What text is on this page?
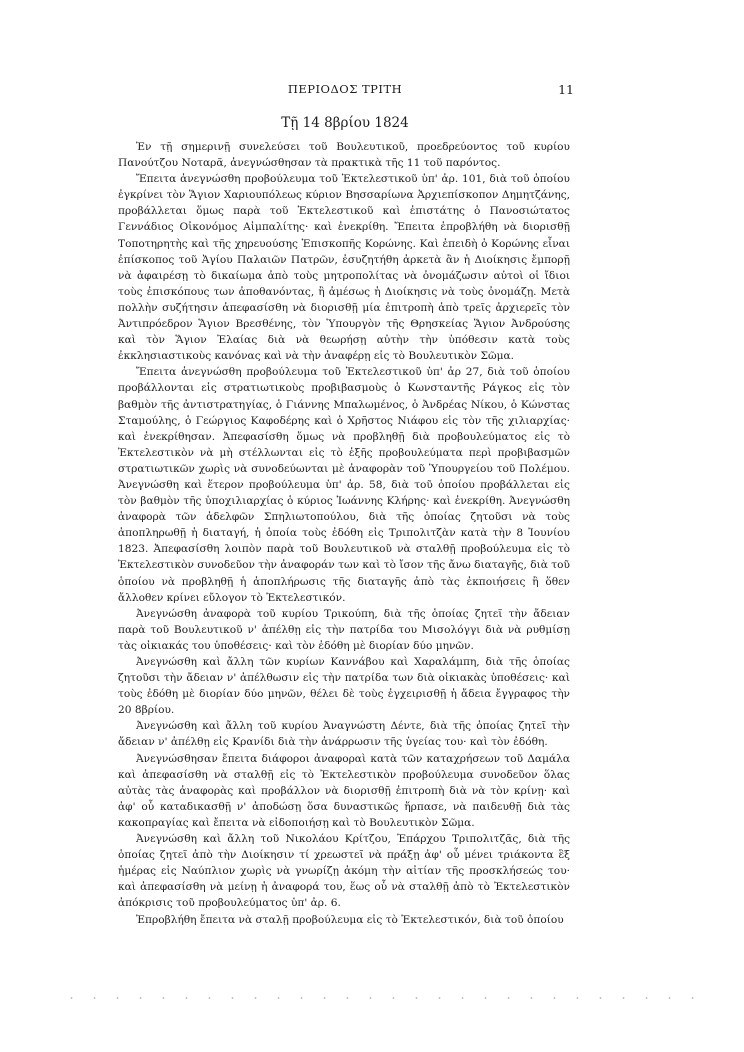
ΠΕΡΙΟΔΟΣ ΤΡΙΤΗ	11
Τῇ 14 8βρίου 1824

Ἐν τῇ σημερινῇ συνελεύσει τοῦ Βουλευτικοῦ, προεδρεύοντος τοῦ κυρίου Πανούτζου Νοταρᾶ, ἀνεγνώσθησαν τὰ πρακτικὰ τῆς 11 τοῦ παρόντος.

Ἔπειτα ἀνεγνώσθη προβούλευμα τοῦ Ἐκτελεστικοῦ ὑπ' ἀρ. 101, διὰ τοῦ ὁποίου ἐγκρίνει τὸν Ἅγιον Χαριουπόλεως κύριον Βησσαρίωνα Ἀρχιεπίσκοπον Δημητζάνης, προβάλλεται ὅμως παρὰ τοῦ Ἐκτελεστικοῦ καὶ ἐπιστάτης ὁ Πανοσιώτατος Γεννάδιος Οἰκονόμος Αἰμπαλίτης· καὶ ἐνεκρίθη. Ἔπειτα ἐπροβλήθη νὰ διορισθῇ Τοποτηρητὴς καὶ τῆς χηρευούσης Ἐπισκοπῆς Κορώνης. Καὶ ἐπειδὴ ὁ Κορώνης εἶναι ἐπίσκοπος τοῦ Ἁγίου Παλαιῶν Πατρῶν, ἐσυζητήθη ἀρκετὰ ἂν ἡ Διοίκησις ἔμπορῇ νὰ ἀφαιρέσῃ τὸ δικαίωμα ἀπὸ τοὺς μητροπολίτας νὰ ὀνομάζωσιν αὐτοὶ οἱ ἴδιοι τοὺς ἐπισκόπους των ἀποθανόντας, ἢ ἀμέσως ἡ Διοίκησις νὰ τοὺς ὀνομάζῃ. Μετὰ πολλὴν συζήτησιν ἀπεφασίσθη νὰ διορισθῇ μία ἐπιτροπὴ ἀπὸ τρεῖς ἀρχιερεῖς τὸν Ἀντιπρόεδρον Ἅγιον Βρεσθένης, τὸν Ὑπουργὸν τῆς Θρησκείας Ἅγιον Ἀνδρούσης καὶ τὸν Ἅγιον Ἐλαίας διὰ νὰ θεωρήσῃ αὐτὴν τὴν ὑπόθεσιν κατὰ τοὺς ἐκκλησιαστικοὺς κανόνας καὶ νὰ τὴν ἀναφέρῃ εἰς τὸ Βουλευτικὸν Σῶμα.

Ἔπειτα ἀνεγνώσθη προβούλευμα τοῦ Ἐκτελεστικοῦ ὑπ' ἀρ 27, διὰ τοῦ ὁποίου προβάλλονται εἰς στρατιωτικοὺς προβιβασμοὺς ὁ Κωνσταντῆς Ράγκος εἰς τὸν βαθμὸν τῆς ἀντιστρατηγίας, ὁ Γιάννης Μπαλωμένος, ὁ Ἀνδρέας Νίκου, ὁ Κώνστας Σταμούλης, ὁ Γεώργιος Καφοδέρης καὶ ὁ Χρῆστος Νιάφου εἰς τὸν τῆς χιλιαρχίας· καὶ ἐνεκρίθησαν. Ἀπεφασίσθη ὅμως νὰ προβληθῇ διὰ προβουλεύματος εἰς τὸ Ἐκτελεστικὸν νὰ μὴ στέλλωνται εἰς τὸ ἑξῆς προβουλεύματα περὶ προβιβασμῶν στρατιωτικῶν χωρὶς νὰ συνοδεύωνται μὲ ἀναφορὰν τοῦ Ὑπουργείου τοῦ Πολέμου. Ἀνεγνώσθη καὶ ἕτερον προβούλευμα ὑπ' ἀρ. 58, διὰ τοῦ ὁποίου προβάλλεται εἰς τὸν βαθμὸν τῆς ὑποχιλιαρχίας ὁ κύριος Ἰωάννης Κλήρης· καὶ ἐνεκρίθη. Ἀνεγνώσθη ἀναφορὰ τῶν ἀδελφῶν Σπηλιωτοπούλου, διὰ τῆς ὁποίας ζητοῦσι νὰ τοὺς ἀποπληρωθῇ ἡ διαταγή, ἡ ὁποία τοὺς ἐδόθη εἰς Τριπολιτζὰν κατὰ τὴν 8 Ἰουνίου 1823. Ἀπεφασίσθη λοιπὸν παρὰ τοῦ Βουλευτικοῦ νὰ σταλθῇ προβούλευμα εἰς τὸ Ἐκτελεστικὸν συνοδεῦον τὴν ἀναφοράν των καὶ τὸ ἴσον τῆς ἄνω διαταγῆς, διὰ τοῦ ὁποίου νὰ προβληθῇ ἡ ἀποπλήρωσις τῆς διαταγῆς ἀπὸ τὰς ἐκποιήσεις ἢ ὅθεν ἄλλοθεν κρίνει εὔλογον τὸ Ἐκτελεστικόν.

Ἀνεγνώσθη ἀναφορὰ τοῦ κυρίου Τρικούπη, διὰ τῆς ὁποίας ζητεῖ τὴν ἄδειαν παρὰ τοῦ Βουλευτικοῦ ν' ἀπέλθῃ εἰς τὴν πατρίδα του Μισολόγγι διὰ νὰ ρυθμίσῃ τὰς οἰκιακάς του ὑποθέσεις· καὶ τὸν ἐδόθη μὲ διορίαν δύο μηνῶν.

Ἀνεγνώσθη καὶ ἄλλη τῶν κυρίων Καννάβου καὶ Χαραλάμπη, διὰ τῆς ὁποίας ζητοῦσι τὴν ἄδειαν ν' ἀπέλθωσιν εἰς τὴν πατρίδα των διὰ οἰκιακὰς ὑποθέσεις· καὶ τοὺς ἐδόθη μὲ διορίαν δύο μηνῶν, θέλει δὲ τοὺς ἐγχειρισθῇ ἡ ἄδεια ἔγγραφος τὴν 20 8βρίου.

Ἀνεγνώσθη καὶ ἄλλη τοῦ κυρίου Ἀναγνώστη Δέντε, διὰ τῆς ὁποίας ζητεῖ τὴν ἄδειαν ν' ἀπέλθῃ εἰς Κρανίδι διὰ τὴν ἀνάρρωσιν τῆς ὑγείας του· καὶ τὸν ἐδόθη.

Ἀνεγνώσθησαν ἔπειτα διάφοροι ἀναφοραὶ κατὰ τῶν καταχρήσεων τοῦ Δαμάλα καὶ ἀπεφασίσθη νὰ σταλθῇ εἰς τὸ Ἐκτελεστικὸν προβούλευμα συνοδεῦον ὅλας αὐτὰς τὰς ἀναφορὰς καὶ προβάλλον νὰ διορισθῇ ἐπιτροπὴ διὰ νὰ τὸν κρίνῃ· καὶ ἀφ' οὗ καταδικασθῇ ν' ἀποδώσῃ ὅσα δυναστικῶς ἥρπασε, νὰ παιδευθῇ διὰ τὰς κακοπραγίας καὶ ἔπειτα νὰ εἰδοποιήσῃ καὶ τὸ Βουλευτικὸν Σῶμα.

Ἀνεγνώσθη καὶ ἄλλη τοῦ Νικολάου Κρίτζου, Ἐπάρχου Τριπολιτζᾶς, διὰ τῆς ὁποίας ζητεῖ ἀπὸ τὴν Διοίκησιν τί χρεωστεῖ νὰ πράξῃ ἀφ' οὗ μένει τριάκοντα ἓξ ἡμέρας εἰς Ναύπλιον χωρὶς νὰ γνωρίζῃ ἀκόμη τὴν αἰτίαν τῆς προσκλήσεώς του· καὶ ἀπεφασίσθη νὰ μείνῃ ἡ ἀναφορά του, ἕως οὗ νὰ σταλθῇ ἀπὸ τὸ Ἐκτελεστικὸν ἀπόκρισις τοῦ προβουλεύματος ὑπ' ἀρ. 6.

Ἐπροβλήθη ἔπειτα νὰ σταλῇ προβούλευμα εἰς τὸ Ἐκτελεστικόν, διὰ τοῦ ὁποίου
